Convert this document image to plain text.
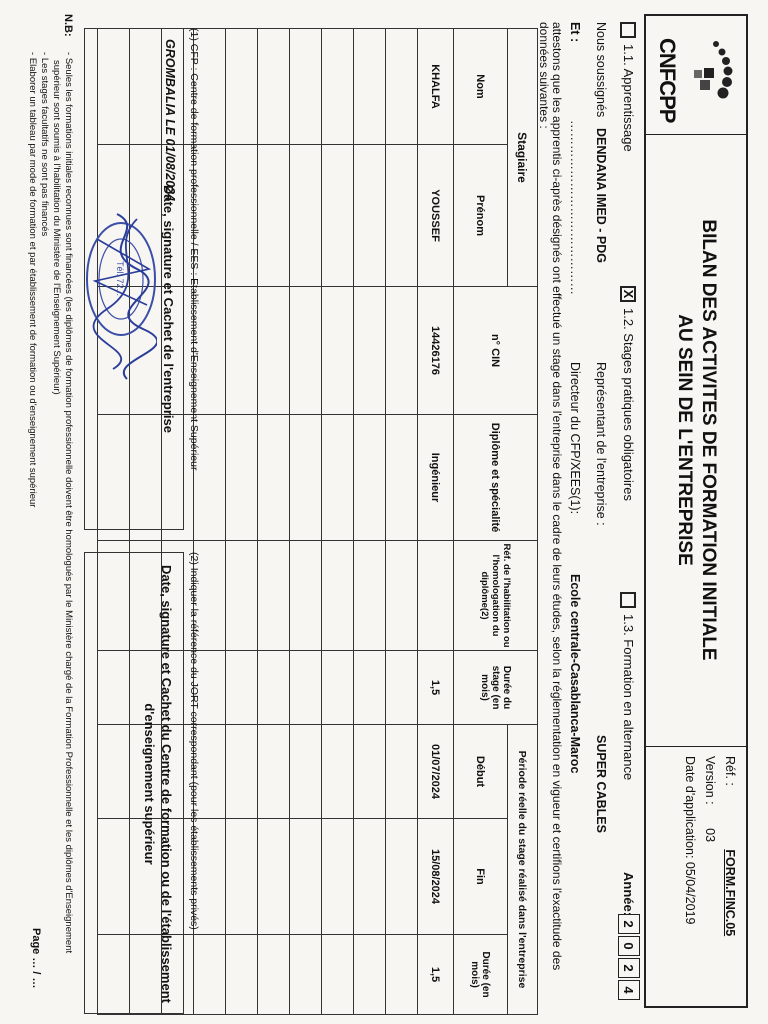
CNFCPP
BILAN DES ACTIVITES DE FORMATION INITIALE
AU SEIN DE L'ENTREPRISE
Réf. : FORM.FINC.05
Version : 03
Date d'application: 05/04/2019
1.1. Apprentissage
X
1.2. Stages pratiques obligatoires
1.3. Formation en alternance
Année:
2
0
2
4
Nous soussignés
DENDANA IMED - PDG
Représentant de l'entreprise :
SUPER CABLES
Et :
……………………………………
Directeur du CFP/XEES(1):
Ecole centrale-Casablanca-Maroc
attestons que les apprentis ci-après désignés ont effectué un stage dans l'entreprise dans le cadre de leurs études, selon la réglementation en vigueur et certifions l'exactitude des
données suivantes :
Stagiaire		n° CIN	Diplôme et spécialité	Réf. de l'habilitation ou l'homologation du diplôme(2)	Durée du stage (en mois)	Période réelle du stage réalisé dans l'entreprise		
Nom	Prénom					Début	Fin	Durée (en mois)
KHALFA	YOUSSEF	14426176	Ingénieur		1,5	01/07/2024	15/08/2024	1,5

(1) CFP : Centre de formation professionnelle / EES : Etablissement d'Enseignement Supérieur
(2) Indiquer la référence du JORT correspondant (pour les établissements privés)
GROMBALIA LE 01/08/2024
Date, signature et Cachet de l'entreprise
Tél: 72...
Date, signature et Cachet du Centre de formation ou de l'établissement
d'enseignement supérieur
N.B:
- Seules les formations initiales reconnues sont financées (les diplômes de formation professionnelle doivent être homologués par le Ministère chargé de la Formation Professionnelle et les diplômes d'Enseignement
supérieur sont soumis à l'habilitation du Ministère de l'Enseignement Supérieur)
- Les stages facultatifs ne sont pas financés
- Elaborer un tableau par mode de formation et par établissement de formation ou d'enseignement supérieur
Page … / …
